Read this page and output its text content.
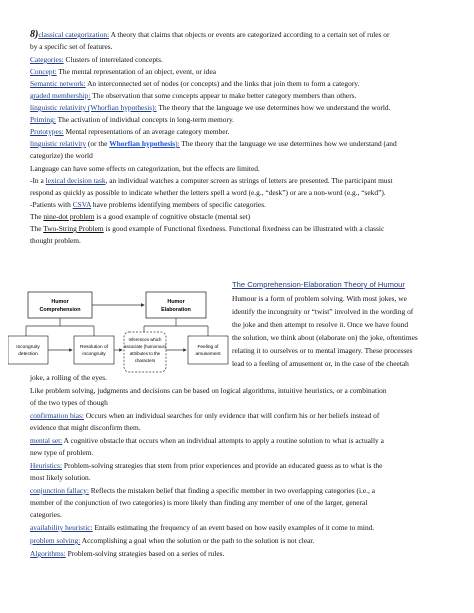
8)classical categorization: A theory that claims that objects or events are categorized according to a certain set of rules or
by a specific set of features.
Categories: Clusters of interrelated concepts.
Concept: The mental representation of an object, event, or idea
Semantic network: An interconnected set of nodes (or concepts) and the links that join them to form a category.
graded membership: The observation that some concepts appear to make better category members than others.
linguistic relativity (Whorfian hypothesis): The theory that the language we use determines how we understand the world.
Priming: The activation of individual concepts in long-term memory.
Prototypes: Mental representations of an average category member.
linguistic relativity (or the Whorfian hypothesis): The theory that the language we use determines how we understand (and
categorize) the world
Language can have some effects on categorization, but the effects are limited.
-In a lexical decision task, an individual watches a computer screen as strings of letters are presented. The participant must
respond as quickly as possible to indicate whether the letters spell a word (e.g., “desk”) or are a non-word (e.g., “sekd”).
-Patients with CSVA have problems identifying members of specific categories.
The nine-dot problem is a good example of cognitive obstacle (mental set)
The Two-String Problem is good example of Functional fixedness. Functional fixedness can be illustrated with a classic
thought problem.
Humor
Comprehension
Humor
Elaboration
Incongruity
detection
Resolution of
incongruity
Inferences which
associate (humorous)
attributes to the
characters
Feeling of
amusement
The Comprehension-Elaboration Theory of Humour
Humour is a form of problem solving. With most jokes, we
identify the incongruity or “twist” involved in the wording of
the joke and then attempt to resolve it. Once we have found
the solution, we think about (elaborate on) the joke, oftentimes
relating it to ourselves or to mental imagery. These processes
lead to a feeling of amusement or, in the case of the cheetah
joke, a rolling of the eyes.
Like problem solving, judgments and decisions can be based on logical algorithms, intuitive heuristics, or a combination
of the two types of though
confirmation bias: Occurs when an individual searches for only evidence that will confirm his or her beliefs instead of
evidence that might disconfirm them.
mental set: A cognitive obstacle that occurs when an individual attempts to apply a routine solution to what is actually a
new type of problem.
Heuristics: Problem-solving strategies that stem from prior experiences and provide an educated guess as to what is the
most likely solution.
conjunction fallacy: Reflects the mistaken belief that finding a specific member in two overlapping categories (i.e., a
member of the conjunction of two categories) is more likely than finding any member of one of the larger, general
categories.
availability heuristic: Entails estimating the frequency of an event based on how easily examples of it come to mind.
problem solving: Accomplishing a goal when the solution or the path to the solution is not clear.
Algorithms: Problem-solving strategies based on a series of rules.
